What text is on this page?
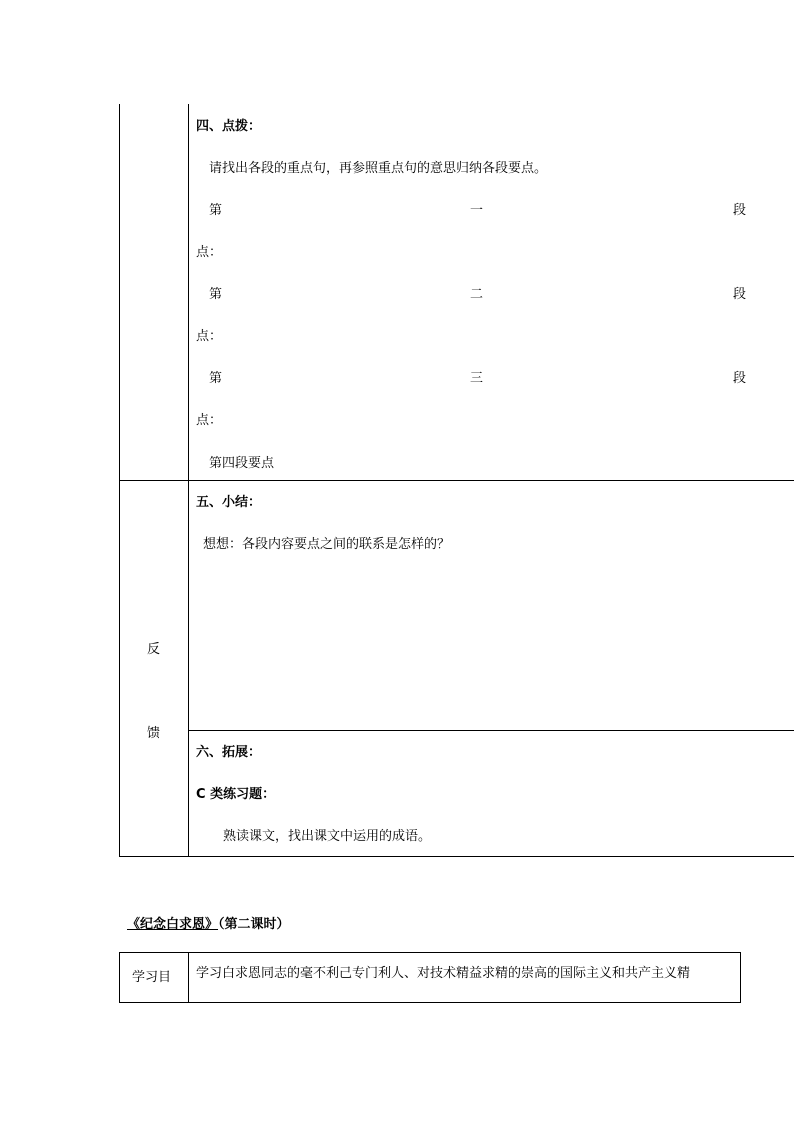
四、点拨：
请找出各段的重点句，再参照重点句的意思归纳各段要点。
第	一	段
点：
第	二	段
点：
第	三	段
点：
第四段要点
五、小结：
想想：各段内容要点之间的联系是怎样的？
反
馈
六、拓展：
C 类练习题：
熟读课文，找出课文中运用的成语。
《纪念白求恩》（第二课时）
学习目 学习白求恩同志的毫不利己专门利人、对技术精益求精的崇高的国际主义和共产主义精
